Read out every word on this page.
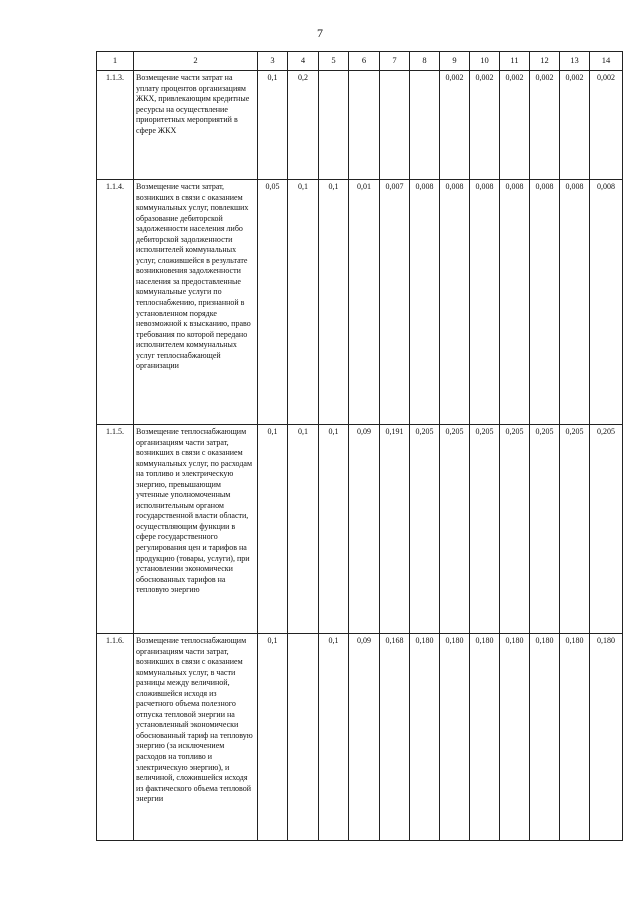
7
1	2	3	4	5	6	7	8	9	10	11	12	13	14
1.1.3.	Возмещение части затрат на уплату процентов организациям ЖКХ, привлекающим кредитные ресурсы на осуществление приоритетных мероприятий в сфере ЖКХ	0,1	0,2					0,002	0,002	0,002	0,002	0,002	0,002
1.1.4.	Возмещение части затрат, возникших в связи с оказанием коммунальных услуг, повлекших образование дебиторской задолженности населения либо дебиторской задолженности исполнителей коммунальных услуг, сложившейся в результате возникновения задолженности населения за предоставленные коммунальные услуги по теплоснабжению, признанной в установленном порядке невозможной к взысканию, право требования по которой передано исполнителем коммунальных услуг теплоснабжающей организации	0,05	0,1	0,1	0,01	0,007	0,008	0,008	0,008	0,008	0,008	0,008	0,008
1.1.5.	Возмещение теплоснабжающим организациям части затрат, возникших в связи с оказанием коммунальных услуг, по расходам на топливо и электрическую энергию, превышающим учтенные уполномоченным исполнительным органом государственной власти области, осуществляющим функции в сфере государственного регулирования цен и тарифов на продукцию (товары, услуги), при установлении экономически обоснованных тарифов на тепловую энергию	0,1	0,1	0,1	0,09	0,191	0,205	0,205	0,205	0,205	0,205	0,205	0,205
1.1.6.	Возмещение теплоснабжающим организациям части затрат, возникших в связи с оказанием коммунальных услуг, в части разницы между величиной, сложившейся исходя из расчетного объема полезного отпуска тепловой энергии на установленный экономически обоснованный тариф на тепловую энергию (за исключением расходов на топливо и электрическую энергию), и величиной, сложившейся исходя из фактического объема тепловой энергии	0,1		0,1	0,09	0,168	0,180	0,180	0,180	0,180	0,180	0,180	0,180
